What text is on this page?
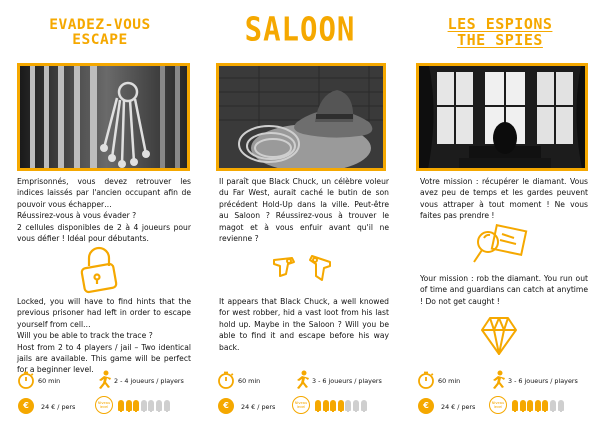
EVADEZ-VOUS
ESCAPE

Emprisonnés, vous devez retrouver les indices laissés par l'ancien occupant afin de pouvoir vous échapper…

Réussirez-vous à vous évader ?

2 cellules disponibles de 2 à 4 joueurs pour vous défier ! Idéal pour débutants.

Locked, you will have to find hints that the previous prisoner had left in order to escape yourself from cell…

Will you be able to track the trace ?

Host from 2 to 4 players / jail – Two identical jails are available. This game will be perfect for a beginner level.

60 min	2 - 4 joueurs / players
€	24 € / pers
Niveau level
SALOON

Il paraît que Black Chuck, un célèbre voleur du Far West, aurait caché le butin de son précédent Hold-Up dans la ville. Peut-être au Saloon ? Réussirez-vous à trouver le magot et à vous enfuir avant qu'il ne revienne ?

It appears that Black Chuck, a well knowed for west robber, hid a vast loot from his last hold up. Maybe in the Saloon ? Will you be able to find it and escape before his way back.

60 min	3 - 6 joueurs / players
€	24 € / pers
Niveau level
LES ESPIONS
THE SPIES

Votre mission : récupérer le diamant. Vous avez peu de temps et les gardes peuvent vous attraper à tout moment ! Ne vous faites pas prendre !

Your mission : rob the diamant. You run out of time and guardians can catch at anytime ! Do not get caught !

60 min	3 - 6 joueurs / players
€	24 € / pers
Niveau level
